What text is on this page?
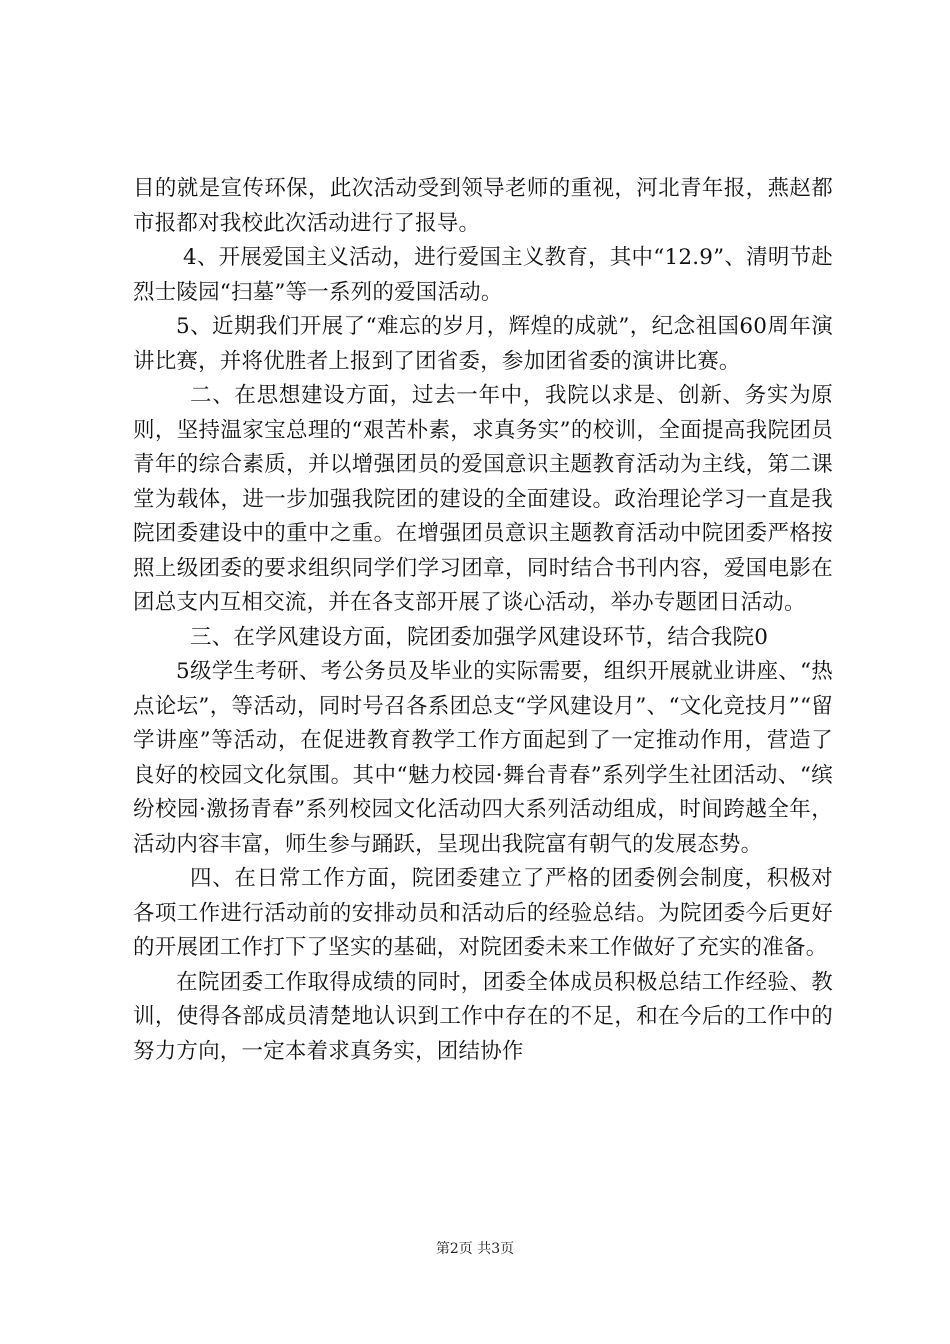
目的就是宣传环保，此次活动受到领导老师的重视，河北青年报，燕赵都市报都对我校此次活动进行了报导。

4、开展爱国主义活动，进行爱国主义教育，其中“12.9”、清明节赴烈士陵园“扫墓”等一系列的爱国活动。

5、近期我们开展了“难忘的岁月，辉煌的成就”，纪念祖国60周年演讲比赛，并将优胜者上报到了团省委，参加团省委的演讲比赛。

二、在思想建设方面，过去一年中，我院以求是、创新、务实为原则，坚持温家宝总理的“艰苦朴素，求真务实”的校训，全面提高我院团员青年的综合素质，并以增强团员的爱国意识主题教育活动为主线，第二课堂为载体，进一步加强我院团的建设的全面建设。政治理论学习一直是我院团委建设中的重中之重。在增强团员意识主题教育活动中院团委严格按照上级团委的要求组织同学们学习团章，同时结合书刊内容，爱国电影在团总支内互相交流，并在各支部开展了谈心活动，举办专题团日活动。

三、在学风建设方面，院团委加强学风建设环节，结合我院0

5级学生考研、考公务员及毕业的实际需要，组织开展就业讲座、“热点论坛”，等活动，同时号召各系团总支“学风建设月”、“文化竞技月”“留学讲座”等活动，在促进教育教学工作方面起到了一定推动作用，营造了良好的校园文化氛围。其中“魅力校园·舞台青春”系列学生社团活动、“缤纷校园·激扬青春”系列校园文化活动四大系列活动组成，时间跨越全年，活动内容丰富，师生参与踊跃，呈现出我院富有朝气的发展态势。

四、在日常工作方面，院团委建立了严格的团委例会制度，积极对各项工作进行活动前的安排动员和活动后的经验总结。为院团委今后更好的开展团工作打下了坚实的基础，对院团委未来工作做好了充实的准备。

在院团委工作取得成绩的同时，团委全体成员积极总结工作经验、教训，使得各部成员清楚地认识到工作中存在的不足，和在今后的工作中的努力方向，一定本着求真务实，团结协作

第2页 共3页
